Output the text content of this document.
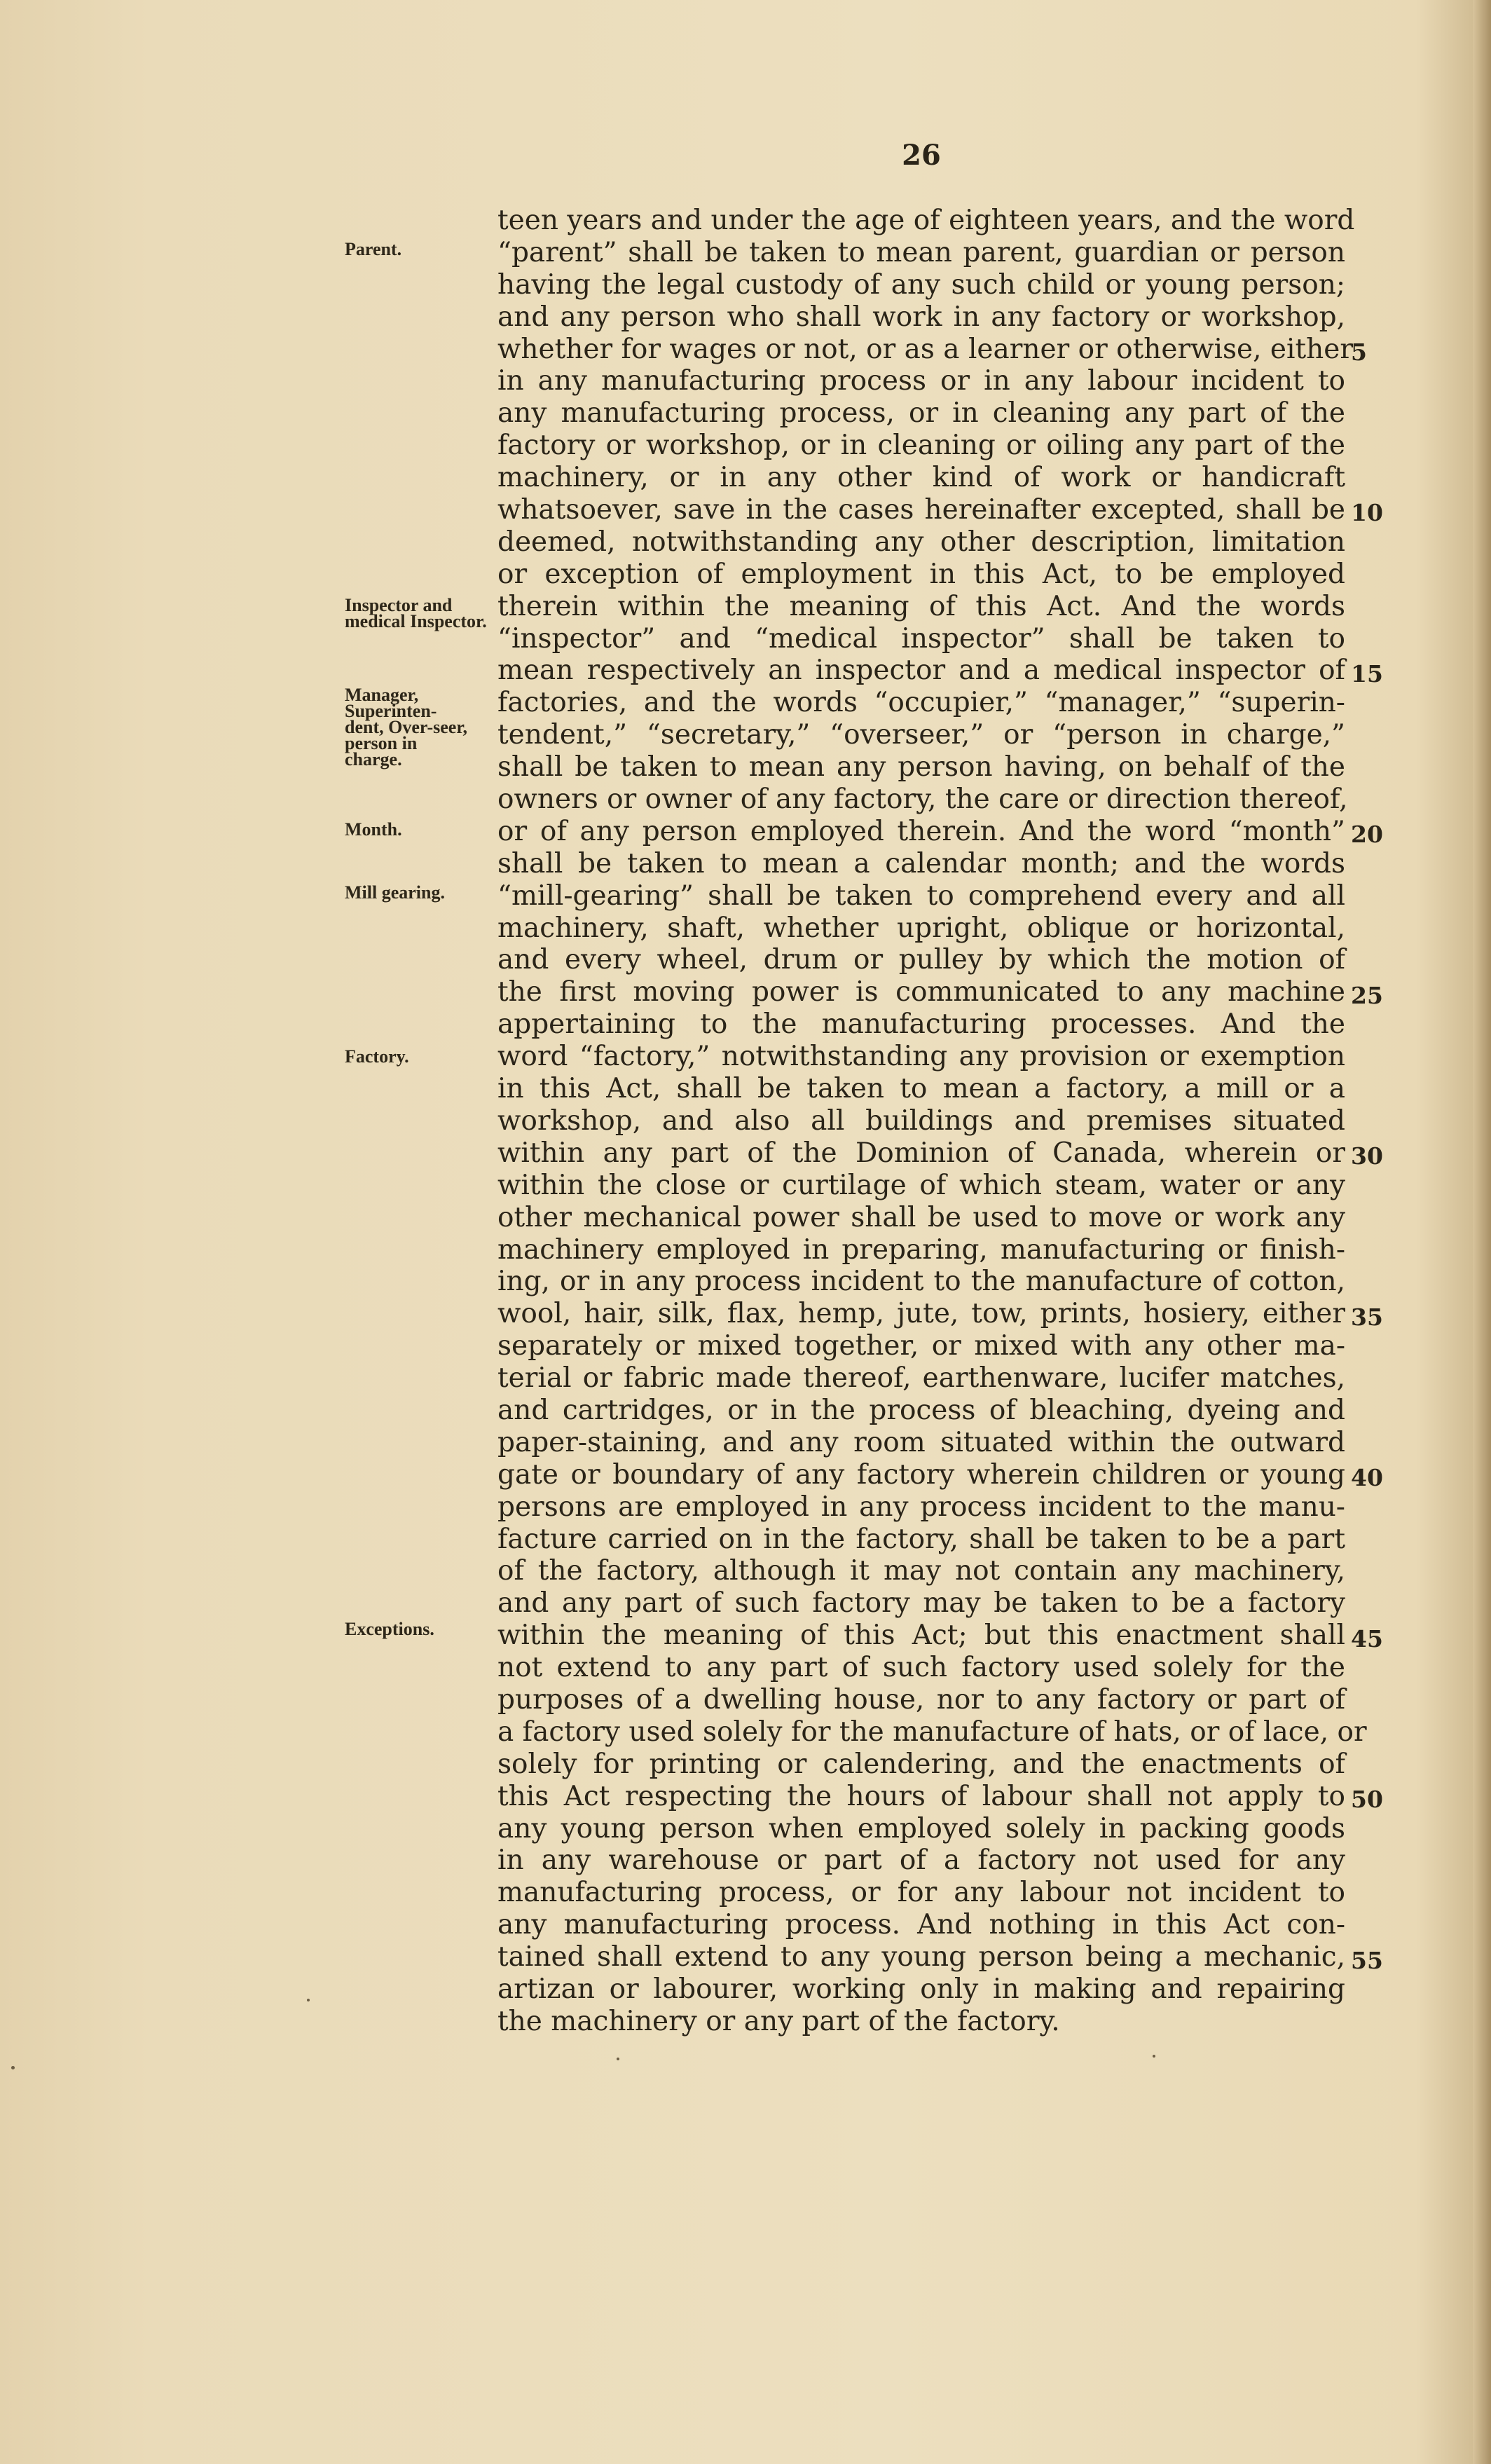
26
Parent.
Inspector and medical Inspector.
Manager, Superinten-dent, Over-seer, person in charge.
Month.
Mill gearing.
Factory.
Exceptions.
teen years and under the age of eighteen years, and the word
“parent” shall be taken to mean parent, guardian or person
having the legal custody of any such child or young person;
and any person who shall work in any factory or workshop,
whether for wages or not, or as a learner or otherwise, either
in any manufacturing process or in any labour incident to
any manufacturing process, or in cleaning any part of the
factory or workshop, or in cleaning or oiling any part of the
machinery, or in any other kind of work or handicraft
whatsoever, save in the cases hereinafter excepted, shall be
deemed, notwithstanding any other description, limitation
or exception of employment in this Act, to be employed
therein within the meaning of this Act. And the words
“inspector” and “medical inspector” shall be taken to
mean respectively an inspector and a medical inspector of
factories, and the words “occupier,” “manager,” “superin-
tendent,” “secretary,” “overseer,” or “person in charge,”
shall be taken to mean any person having, on behalf of the
owners or owner of any factory, the care or direction thereof,
or of any person employed therein. And the word “month”
shall be taken to mean a calendar month; and the words
“mill-gearing” shall be taken to comprehend every and all
machinery, shaft, whether upright, oblique or horizontal,
and every wheel, drum or pulley by which the motion of
the first moving power is communicated to any machine
appertaining to the manufacturing processes. And the
word “factory,” notwithstanding any provision or exemption
in this Act, shall be taken to mean a factory, a mill or a
workshop, and also all buildings and premises situated
within any part of the Dominion of Canada, wherein or
within the close or curtilage of which steam, water or any
other mechanical power shall be used to move or work any
machinery employed in preparing, manufacturing or finish-
ing, or in any process incident to the manufacture of cotton,
wool, hair, silk, flax, hemp, jute, tow, prints, hosiery, either
separately or mixed together, or mixed with any other ma-
terial or fabric made thereof, earthenware, lucifer matches,
and cartridges, or in the process of bleaching, dyeing and
paper-staining, and any room situated within the outward
gate or boundary of any factory wherein children or young
persons are employed in any process incident to the manu-
facture carried on in the factory, shall be taken to be a part
of the factory, although it may not contain any machinery,
and any part of such factory may be taken to be a factory
within the meaning of this Act; but this enactment shall
not extend to any part of such factory used solely for the
purposes of a dwelling house, nor to any factory or part of
a factory used solely for the manufacture of hats, or of lace, or
solely for printing or calendering, and the enactments of
this Act respecting the hours of labour shall not apply to
any young person when employed solely in packing goods
in any warehouse or part of a factory not used for any
manufacturing process, or for any labour not incident to
any manufacturing process. And nothing in this Act con-
tained shall extend to any young person being a mechanic,
artizan or labourer, working only in making and repairing
the machinery or any part of the factory.
5
10
15
20
25
30
35
40
45
50
55
